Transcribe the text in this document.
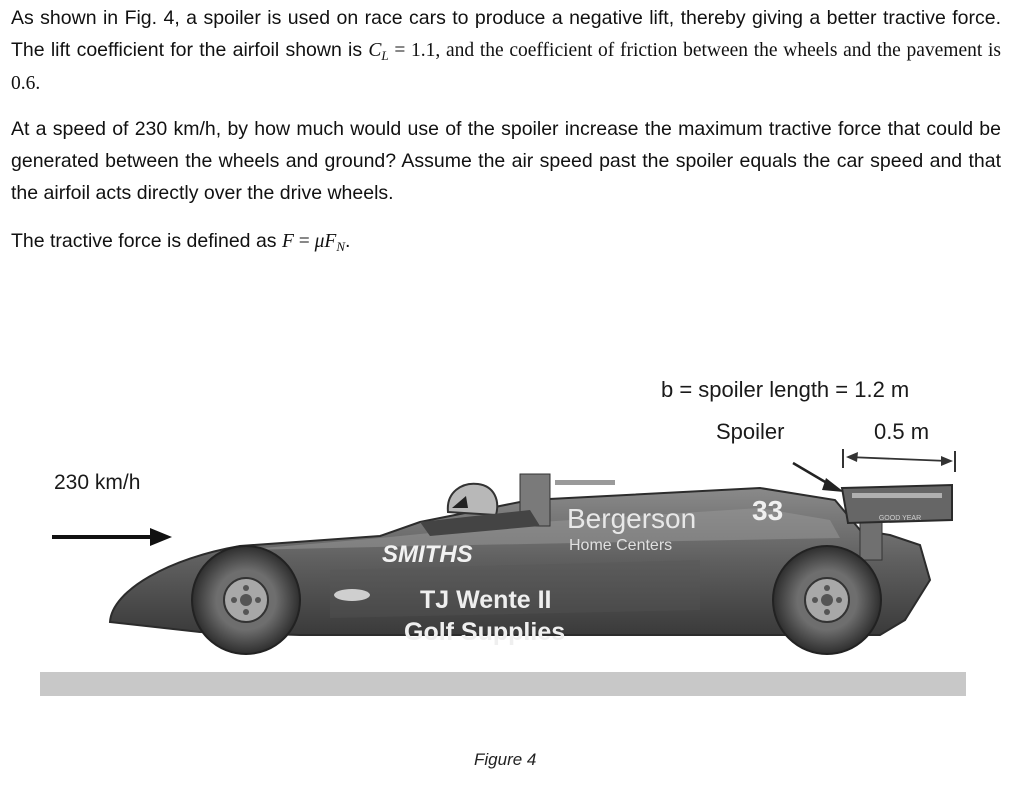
As shown in Fig. 4, a spoiler is used on race cars to produce a negative lift, thereby giving a better tractive force. The lift coefficient for the airfoil shown is $C_L = 1.1$, and the coefficient of friction between the wheels and the pavement is 0.6.

At a speed of 230 km/h, by how much would use of the spoiler increase the maximum tractive force that could be generated between the wheels and ground? Assume the air speed past the spoiler equals the car speed and that the airfoil acts directly over the drive wheels.

The tractive force is defined as $F = \mu F_N$.

230 km/h
b = spoiler length = 1.2 m
Spoiler	0.5 m
GOOD YEAR
Bergerson
Home Centers
33
SMITHS
TJ Wente II
Golf Supplies
Figure 4
